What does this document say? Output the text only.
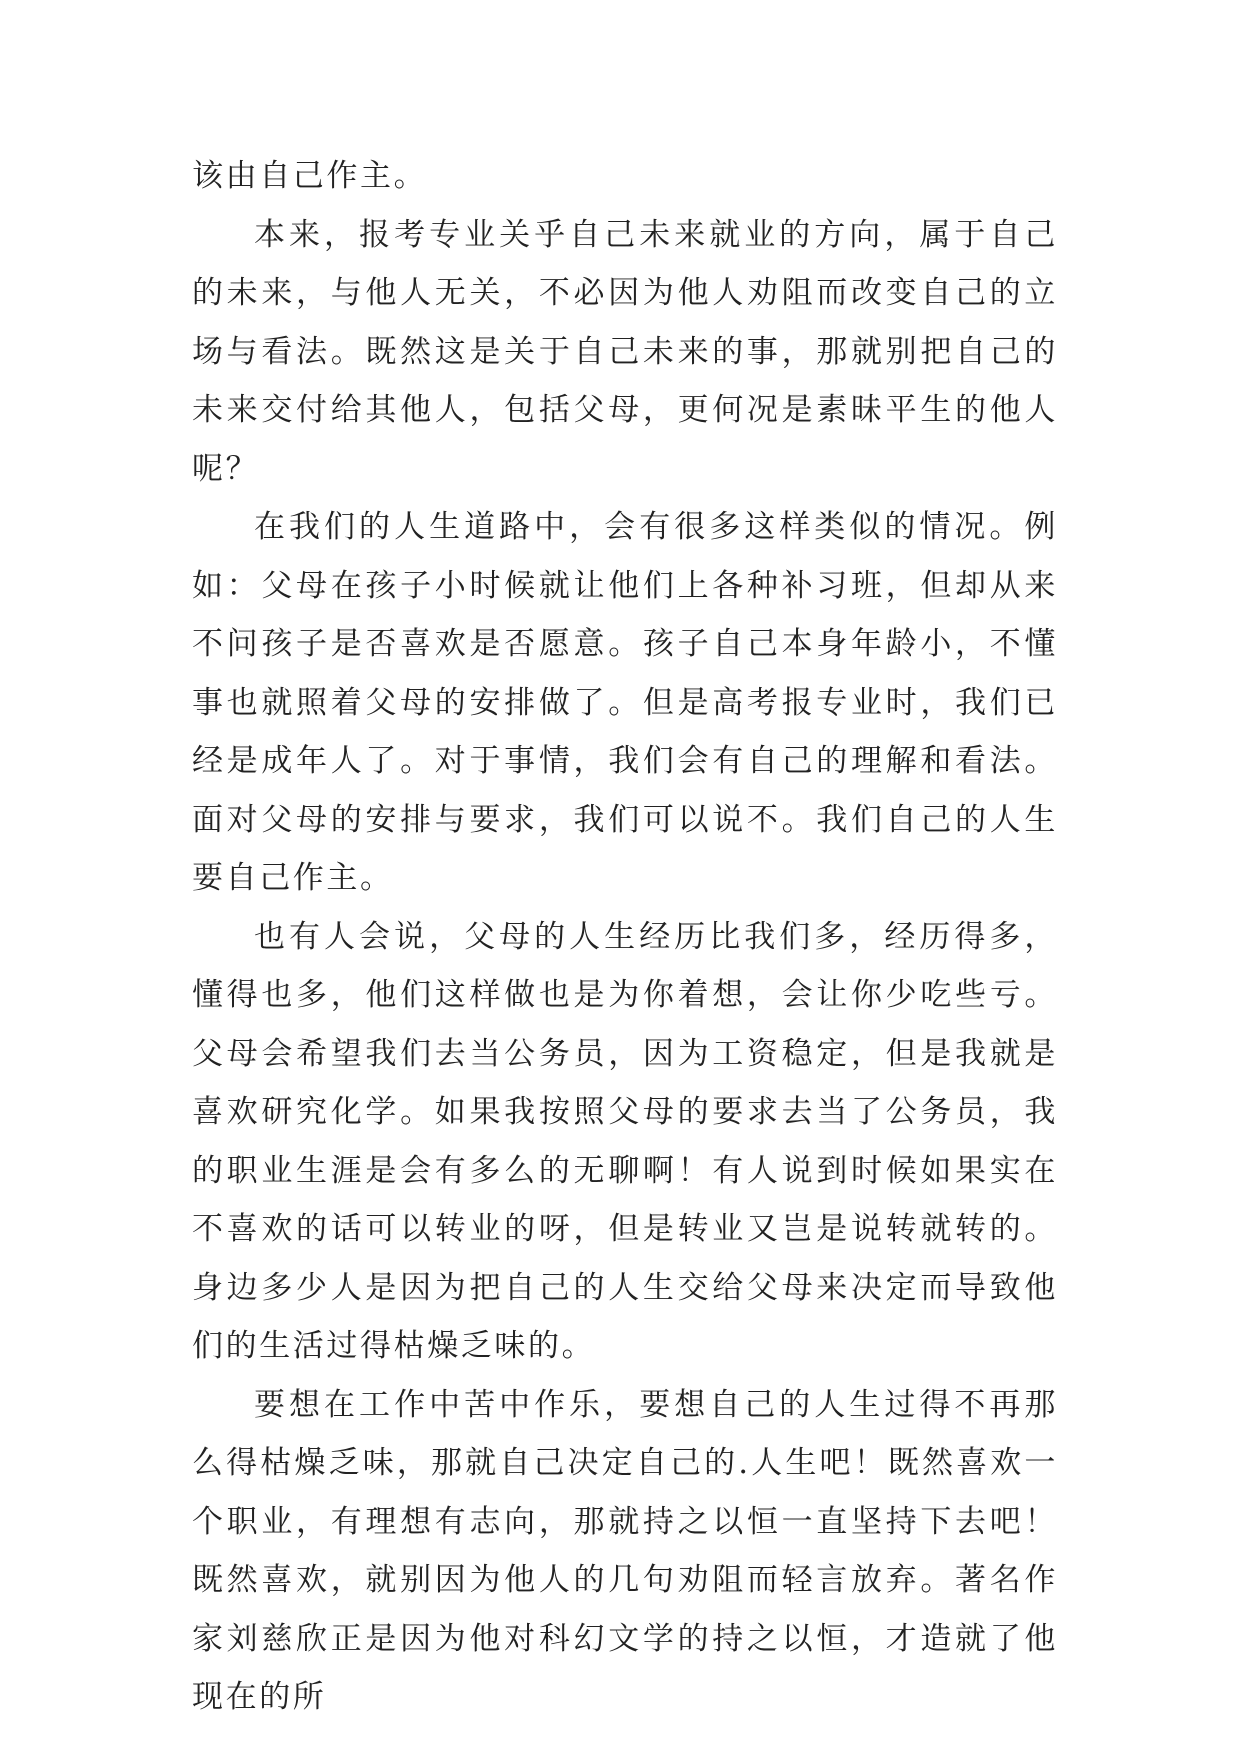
该由自己作主。

本来，报考专业关乎自己未来就业的方向，属于自己的未来，与他人无关，不必因为他人劝阻而改变自己的立场与看法。既然这是关于自己未来的事，那就别把自己的未来交付给其他人，包括父母，更何况是素昧平生的他人呢？

在我们的人生道路中，会有很多这样类似的情况。例如：父母在孩子小时候就让他们上各种补习班，但却从来不问孩子是否喜欢是否愿意。孩子自己本身年龄小，不懂事也就照着父母的安排做了。但是高考报专业时，我们已经是成年人了。对于事情，我们会有自己的理解和看法。面对父母的安排与要求，我们可以说不。我们自己的人生要自己作主。

也有人会说，父母的人生经历比我们多，经历得多，懂得也多，他们这样做也是为你着想，会让你少吃些亏。父母会希望我们去当公务员，因为工资稳定，但是我就是喜欢研究化学。如果我按照父母的要求去当了公务员，我的职业生涯是会有多么的无聊啊！有人说到时候如果实在不喜欢的话可以转业的呀，但是转业又岂是说转就转的。身边多少人是因为把自己的人生交给父母来决定而导致他们的生活过得枯燥乏味的。

要想在工作中苦中作乐，要想自己的人生过得不再那么得枯燥乏味，那就自己决定自己的.人生吧！既然喜欢一个职业，有理想有志向，那就持之以恒一直坚持下去吧！既然喜欢，就别因为他人的几句劝阻而轻言放弃。著名作家刘慈欣正是因为他对科幻文学的持之以恒，才造就了他现在的所
